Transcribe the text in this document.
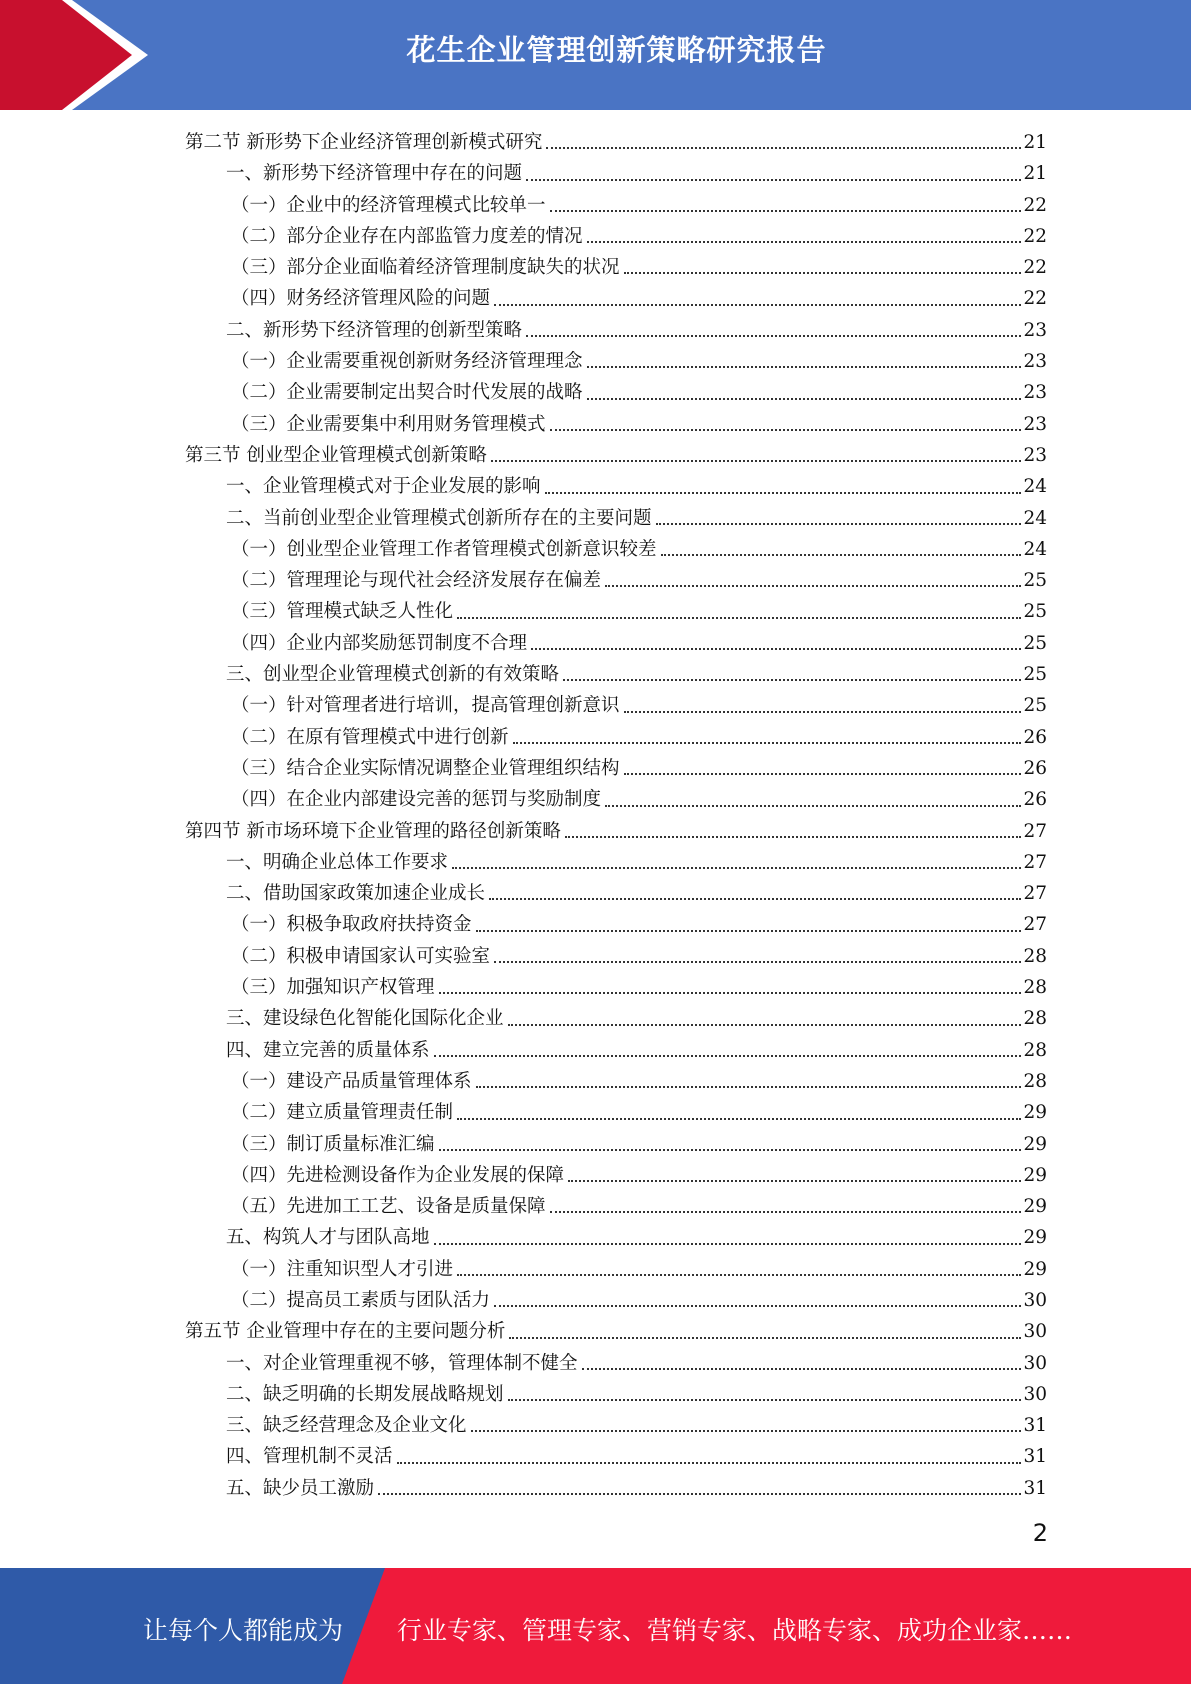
花生企业管理创新策略研究报告
第二节 新形势下企业经济管理创新模式研究	21
一、新形势下经济管理中存在的问题	21
（一）企业中的经济管理模式比较单一	22
（二）部分企业存在内部监管力度差的情况	22
（三）部分企业面临着经济管理制度缺失的状况	22
（四）财务经济管理风险的问题	22
二、新形势下经济管理的创新型策略	23
（一）企业需要重视创新财务经济管理理念	23
（二）企业需要制定出契合时代发展的战略	23
（三）企业需要集中利用财务管理模式	23
第三节 创业型企业管理模式创新策略	23
一、企业管理模式对于企业发展的影响	24
二、当前创业型企业管理模式创新所存在的主要问题	24
（一）创业型企业管理工作者管理模式创新意识较差	24
（二）管理理论与现代社会经济发展存在偏差	25
（三）管理模式缺乏人性化	25
（四）企业内部奖励惩罚制度不合理	25
三、创业型企业管理模式创新的有效策略	25
（一）针对管理者进行培训，提高管理创新意识	25
（二）在原有管理模式中进行创新	26
（三）结合企业实际情况调整企业管理组织结构	26
（四）在企业内部建设完善的惩罚与奖励制度	26
第四节 新市场环境下企业管理的路径创新策略	27
一、明确企业总体工作要求	27
二、借助国家政策加速企业成长	27
（一）积极争取政府扶持资金	27
（二）积极申请国家认可实验室	28
（三）加强知识产权管理	28
三、建设绿色化智能化国际化企业	28
四、建立完善的质量体系	28
（一）建设产品质量管理体系	28
（二）建立质量管理责任制	29
（三）制订质量标准汇编	29
（四）先进检测设备作为企业发展的保障	29
（五）先进加工工艺、设备是质量保障	29
五、构筑人才与团队高地	29
（一）注重知识型人才引进	29
（二）提高员工素质与团队活力	30
第五节 企业管理中存在的主要问题分析	30
一、对企业管理重视不够，管理体制不健全	30
二、缺乏明确的长期发展战略规划	30
三、缺乏经营理念及企业文化	31
四、管理机制不灵活	31
五、缺少员工激励	31
2
让每个人都能成为 行业专家、管理专家、营销专家、战略专家、成功企业家……
